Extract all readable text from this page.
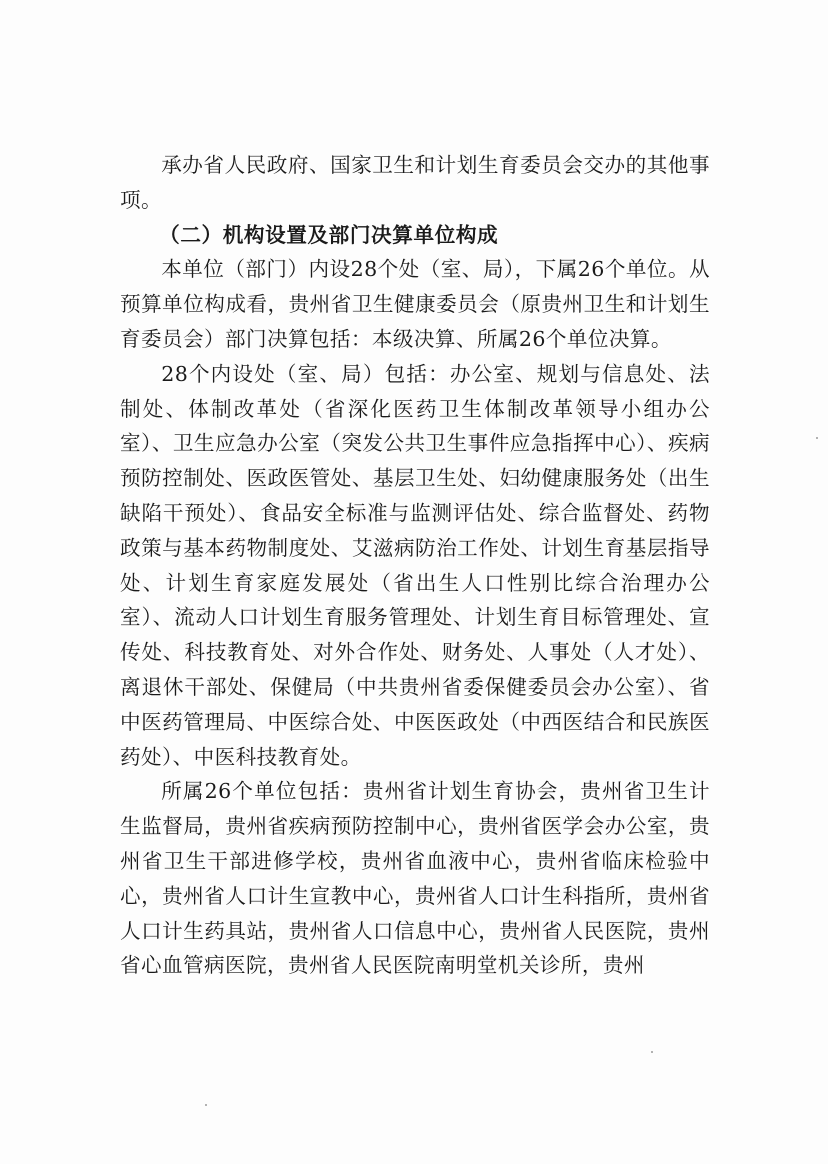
承办省人民政府、国家卫生和计划生育委员会交办的其他事项。

（二）机构设置及部门决算单位构成

本单位（部门）内设28个处（室、局），下属26个单位。从预算单位构成看，贵州省卫生健康委员会（原贵州卫生和计划生育委员会）部门决算包括：本级决算、所属26个单位决算。

28个内设处（室、局）包括：办公室、规划与信息处、法制处、体制改革处（省深化医药卫生体制改革领导小组办公室）、卫生应急办公室（突发公共卫生事件应急指挥中心）、疾病预防控制处、医政医管处、基层卫生处、妇幼健康服务处（出生缺陷干预处）、食品安全标准与监测评估处、综合监督处、药物政策与基本药物制度处、艾滋病防治工作处、计划生育基层指导处、计划生育家庭发展处（省出生人口性别比综合治理办公室）、流动人口计划生育服务管理处、计划生育目标管理处、宣传处、科技教育处、对外合作处、财务处、人事处（人才处）、离退休干部处、保健局（中共贵州省委保健委员会办公室）、省中医药管理局、中医综合处、中医医政处（中西医结合和民族医药处）、中医科技教育处。

所属26个单位包括：贵州省计划生育协会，贵州省卫生计生监督局，贵州省疾病预防控制中心，贵州省医学会办公室，贵州省卫生干部进修学校，贵州省血液中心，贵州省临床检验中心，贵州省人口计生宣教中心，贵州省人口计生科指所，贵州省人口计生药具站，贵州省人口信息中心，贵州省人民医院，贵州省心血管病医院，贵州省人民医院南明堂机关诊所，贵州
